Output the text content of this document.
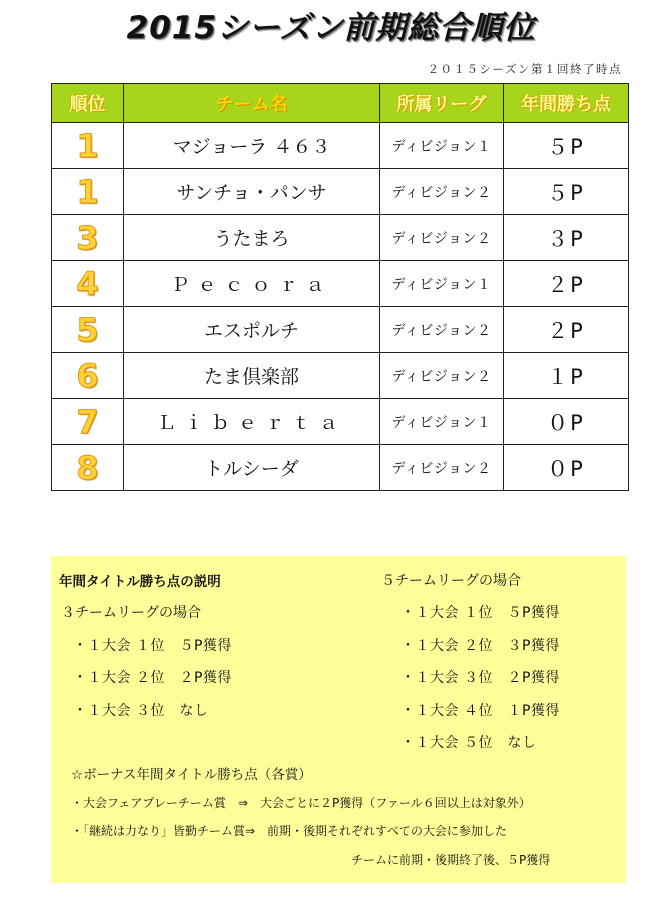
2015シーズン前期総合順位
２０１５シーズン第１回終了時点
順位	チーム名	所属リーグ	年間勝ち点
1	マジョーラ ４６３	ディビジョン１	５P
1	サンチョ・パンサ	ディビジョン２	５P
3	うたまろ	ディビジョン２	３P
4	Ｐｅｃｏｒａ	ディビジョン１	２P
5	エスポルチ	ディビジョン２	２P
6	たま倶楽部	ディビジョン２	１P
7	Ｌｉｂｅｒｔａ	ディビジョン１	０P
8	トルシーダ	ディビジョン２	０P

年間タイトル勝ち点の説明	５チームリーグの場合

３チームリーグの場合

・１大会 １位　５P獲得

・１大会 ２位　２P獲得

・１大会 ３位　なし

・１大会 １位　５P獲得

・１大会 ２位　３P獲得

・１大会 ３位　２P獲得

・１大会 ４位　１P獲得

・１大会 ５位　なし

☆ボーナス年間タイトル勝ち点（各賞）

・大会フェアプレーチーム賞　⇒　大会ごとに２P獲得（ファール６回以上は対象外）

・「継続は力なり」皆勤チーム賞⇒　前期・後期それぞれすべての大会に参加した

チームに前期・後期終了後、５P獲得
